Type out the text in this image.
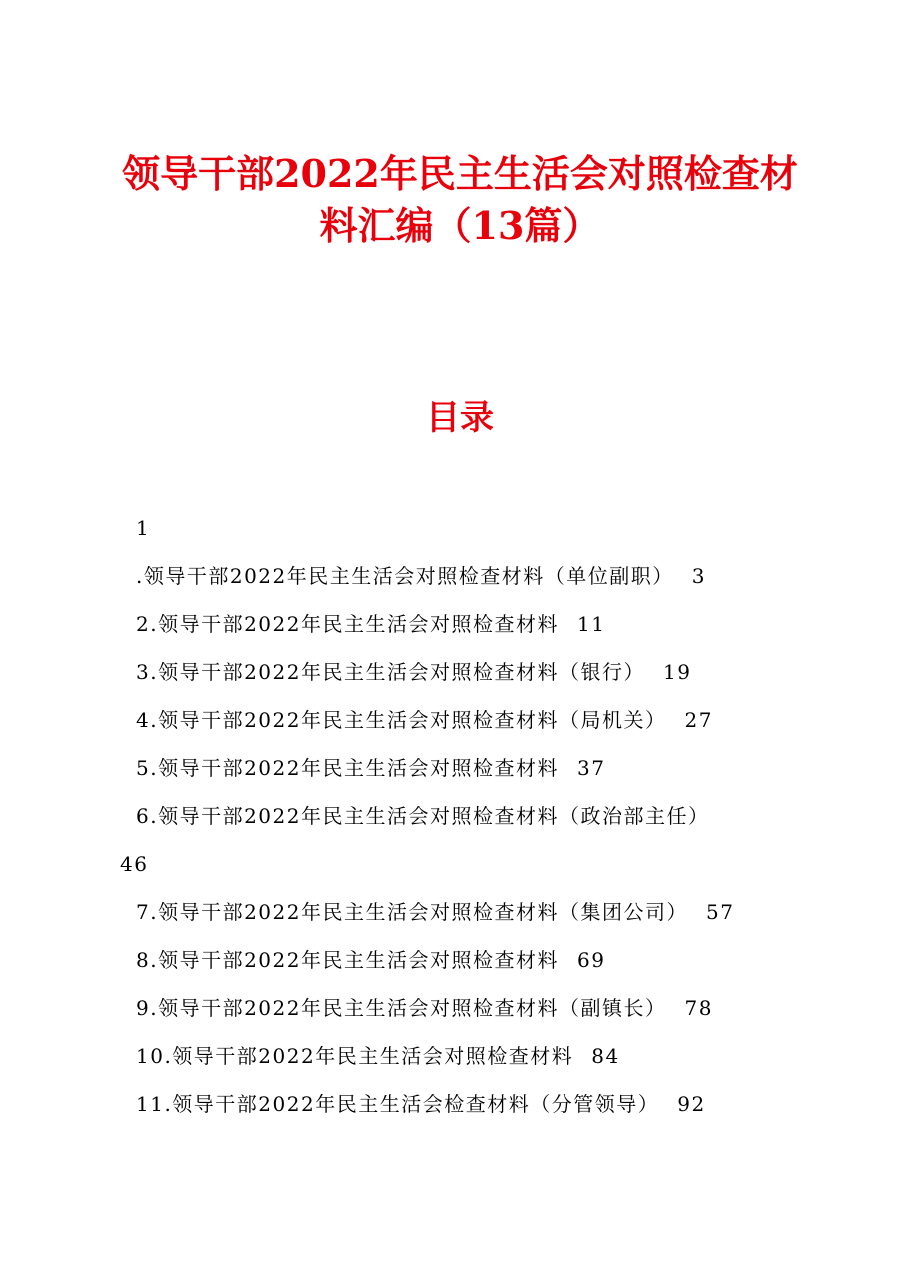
领导干部2022年民主生活会对照检查材料汇编（13篇）
目录
1
.领导干部2022年民主生活会对照检查材料（单位副职） 3
2.领导干部2022年民主生活会对照检查材料 11
3.领导干部2022年民主生活会对照检查材料（银行） 19
4.领导干部2022年民主生活会对照检查材料（局机关） 27
5.领导干部2022年民主生活会对照检查材料 37
6.领导干部2022年民主生活会对照检查材料（政治部主任）
46
7.领导干部2022年民主生活会对照检查材料（集团公司） 57
8.领导干部2022年民主生活会对照检查材料 69
9.领导干部2022年民主生活会对照检查材料（副镇长） 78
10.领导干部2022年民主生活会对照检查材料 84
11.领导干部2022年民主生活会检查材料（分管领导） 92
